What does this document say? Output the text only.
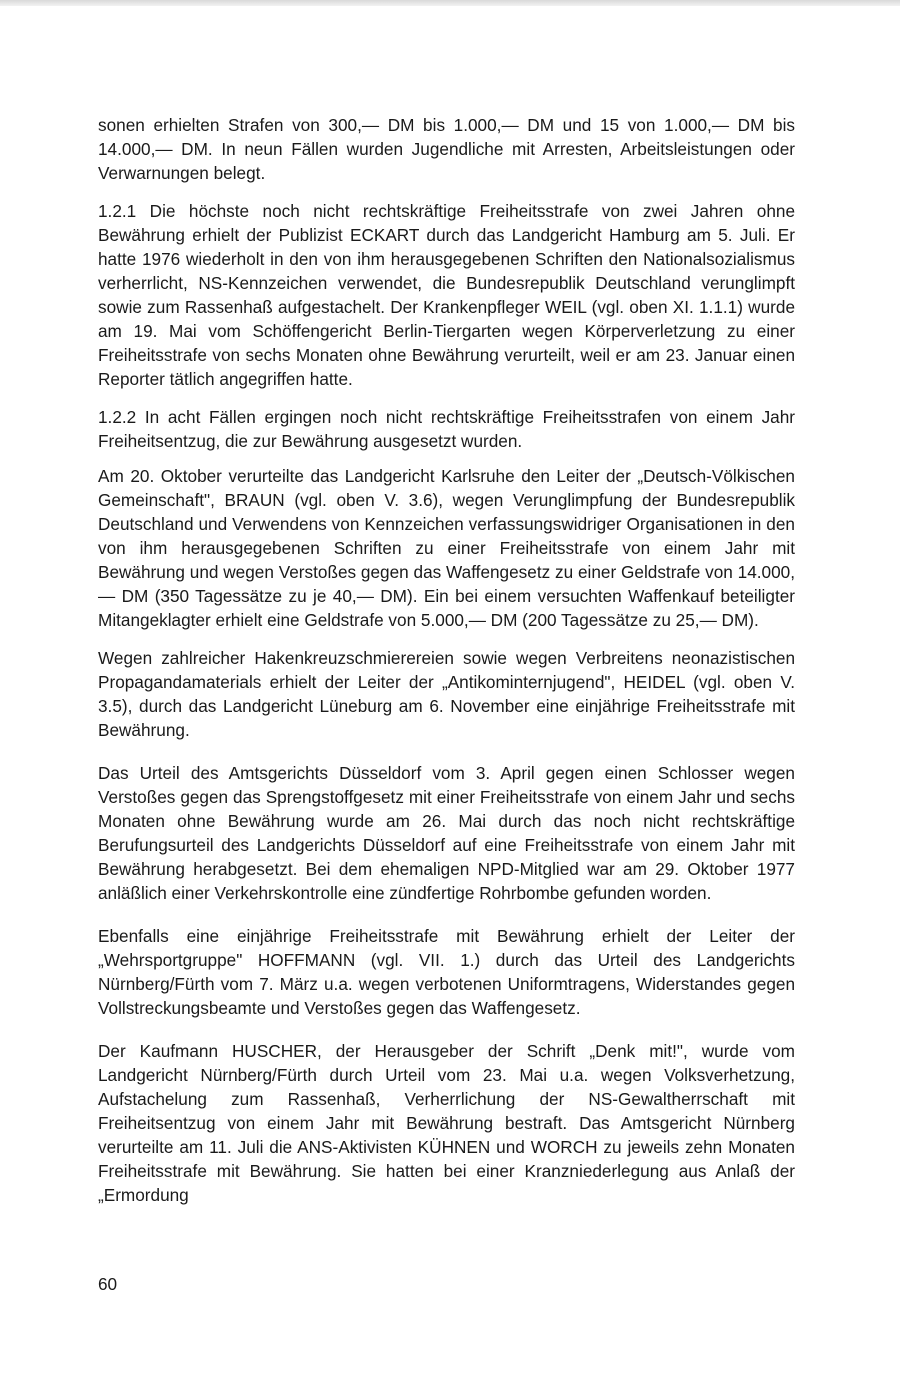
sonen erhielten Strafen von 300,— DM bis 1.000,— DM und 15 von 1.000,— DM bis 14.000,— DM. In neun Fällen wurden Jugendliche mit Arresten, Arbeitsleistungen oder Verwarnungen belegt.

1.2.1 Die höchste noch nicht rechtskräftige Freiheitsstrafe von zwei Jahren ohne Bewährung erhielt der Publizist ECKART durch das Landgericht Hamburg am 5. Juli. Er hatte 1976 wiederholt in den von ihm herausgegebenen Schriften den Nationalsozialismus verherrlicht, NS-Kennzeichen verwendet, die Bundesrepublik Deutschland verunglimpft sowie zum Rassenhaß aufgestachelt. Der Krankenpfleger WEIL (vgl. oben XI. 1.1.1) wurde am 19. Mai vom Schöffengericht Berlin-Tiergarten wegen Körperverletzung zu einer Freiheitsstrafe von sechs Monaten ohne Bewährung verurteilt, weil er am 23. Januar einen Reporter tätlich angegriffen hatte.

1.2.2 In acht Fällen ergingen noch nicht rechtskräftige Freiheitsstrafen von einem Jahr Freiheitsentzug, die zur Bewährung ausgesetzt wurden.

Am 20. Oktober verurteilte das Landgericht Karlsruhe den Leiter der „Deutsch-Völkischen Gemeinschaft", BRAUN (vgl. oben V. 3.6), wegen Verunglimpfung der Bundesrepublik Deutschland und Verwendens von Kennzeichen verfassungswidriger Organisationen in den von ihm herausgegebenen Schriften zu einer Freiheitsstrafe von einem Jahr mit Bewährung und wegen Verstoßes gegen das Waffengesetz zu einer Geldstrafe von 14.000,— DM (350 Tagessätze zu je 40,— DM). Ein bei einem versuchten Waffenkauf beteiligter Mitangeklagter erhielt eine Geldstrafe von 5.000,— DM (200 Tagessätze zu 25,— DM).

Wegen zahlreicher Hakenkreuzschmierereien sowie wegen Verbreitens neonazistischen Propagandamaterials erhielt der Leiter der „Antikominternjugend", HEIDEL (vgl. oben V. 3.5), durch das Landgericht Lüneburg am 6. November eine einjährige Freiheitsstrafe mit Bewährung.

Das Urteil des Amtsgerichts Düsseldorf vom 3. April gegen einen Schlosser wegen Verstoßes gegen das Sprengstoffgesetz mit einer Freiheitsstrafe von einem Jahr und sechs Monaten ohne Bewährung wurde am 26. Mai durch das noch nicht rechtskräftige Berufungsurteil des Landgerichts Düsseldorf auf eine Freiheitsstrafe von einem Jahr mit Bewährung herabgesetzt. Bei dem ehemaligen NPD-Mitglied war am 29. Oktober 1977 anläßlich einer Verkehrskontrolle eine zündfertige Rohrbombe gefunden worden.

Ebenfalls eine einjährige Freiheitsstrafe mit Bewährung erhielt der Leiter der „Wehrsportgruppe" HOFFMANN (vgl. VII. 1.) durch das Urteil des Landgerichts Nürnberg/Fürth vom 7. März u.a. wegen verbotenen Uniformtragens, Widerstandes gegen Vollstreckungsbeamte und Verstoßes gegen das Waffengesetz.

Der Kaufmann HUSCHER, der Herausgeber der Schrift „Denk mit!", wurde vom Landgericht Nürnberg/Fürth durch Urteil vom 23. Mai u.a. wegen Volksverhetzung, Aufstachelung zum Rassenhaß, Verherrlichung der NS-Gewaltherrschaft mit Freiheitsentzug von einem Jahr mit Bewährung bestraft. Das Amtsgericht Nürnberg verurteilte am 11. Juli die ANS-Aktivisten KÜHNEN und WORCH zu jeweils zehn Monaten Freiheitsstrafe mit Bewährung. Sie hatten bei einer Kranzniederlegung aus Anlaß der „Ermordung

60
